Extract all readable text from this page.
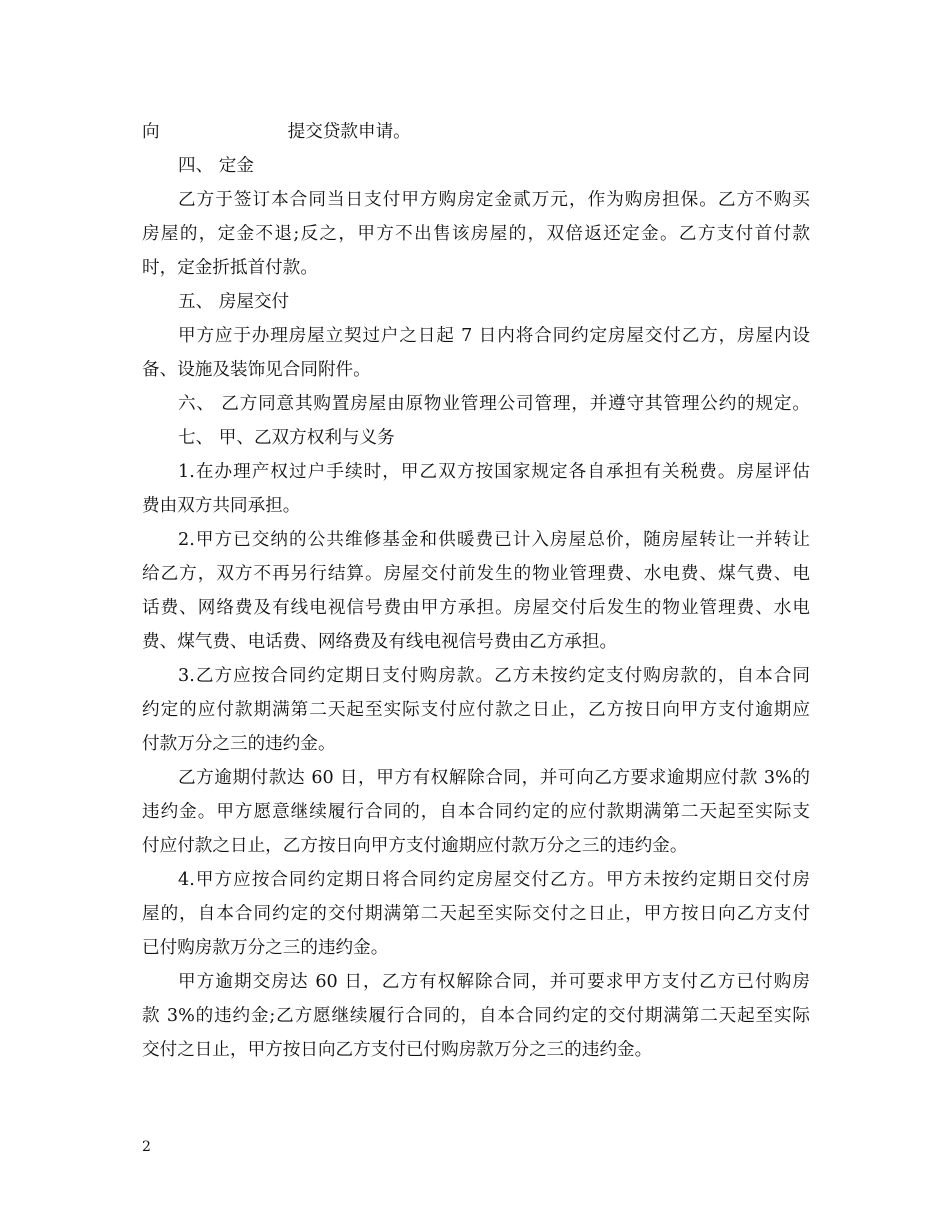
向	提交贷款申请。
四、 定金
乙方于签订本合同当日支付甲方购房定金贰万元，作为购房担保。乙方不购买
房屋的，定金不退;反之，甲方不出售该房屋的，双倍返还定金。乙方支付首付款
时，定金折抵首付款。
五、 房屋交付
甲方应于办理房屋立契过户之日起 7 日内将合同约定房屋交付乙方，房屋内设
备、设施及装饰见合同附件。
六、 乙方同意其购置房屋由原物业管理公司管理，并遵守其管理公约的规定。
七、 甲、乙双方权利与义务
1.在办理产权过户手续时，甲乙双方按国家规定各自承担有关税费。房屋评估
费由双方共同承担。
2.甲方已交纳的公共维修基金和供暖费已计入房屋总价，随房屋转让一并转让
给乙方，双方不再另行结算。房屋交付前发生的物业管理费、水电费、煤气费、电
话费、网络费及有线电视信号费由甲方承担。房屋交付后发生的物业管理费、水电
费、煤气费、电话费、网络费及有线电视信号费由乙方承担。
3.乙方应按合同约定期日支付购房款。乙方未按约定支付购房款的，自本合同
约定的应付款期满第二天起至实际支付应付款之日止，乙方按日向甲方支付逾期应
付款万分之三的违约金。
乙方逾期付款达 60 日，甲方有权解除合同，并可向乙方要求逾期应付款 3%的
违约金。甲方愿意继续履行合同的，自本合同约定的应付款期满第二天起至实际支
付应付款之日止，乙方按日向甲方支付逾期应付款万分之三的违约金。
4.甲方应按合同约定期日将合同约定房屋交付乙方。甲方未按约定期日交付房
屋的，自本合同约定的交付期满第二天起至实际交付之日止，甲方按日向乙方支付
已付购房款万分之三的违约金。
甲方逾期交房达 60 日，乙方有权解除合同，并可要求甲方支付乙方已付购房
款 3%的违约金;乙方愿继续履行合同的，自本合同约定的交付期满第二天起至实际
交付之日止，甲方按日向乙方支付已付购房款万分之三的违约金。
2
